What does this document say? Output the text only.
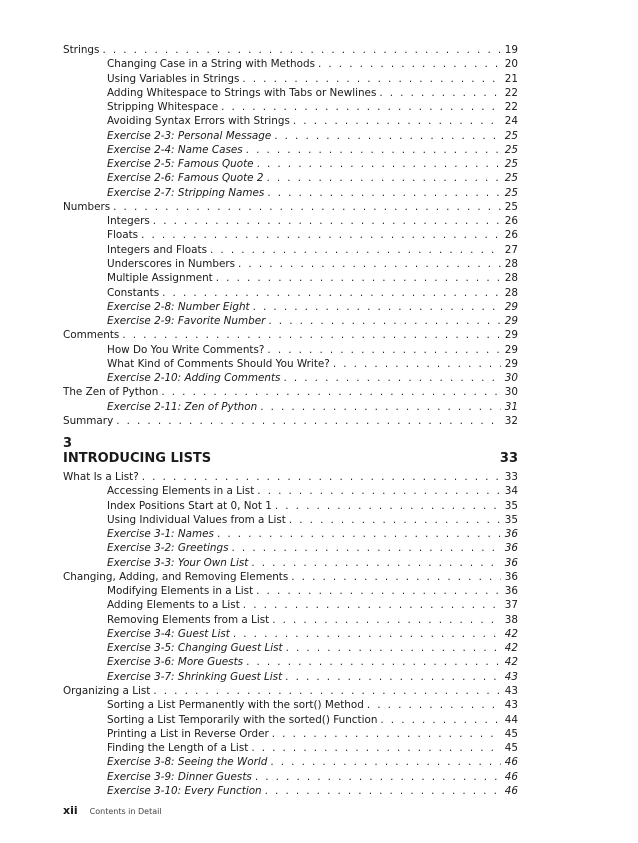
Strings . . .	19
Changing Case in a String with Methods . . .	20
Using Variables in Strings . . .	21
Adding Whitespace to Strings with Tabs or Newlines . . .	22
Stripping Whitespace . . .	22
Avoiding Syntax Errors with Strings . . .	24
Exercise 2-3: Personal Message . . .	25
Exercise 2-4: Name Cases . . .	25
Exercise 2-5: Famous Quote . . .	25
Exercise 2-6: Famous Quote 2 . . .	25
Exercise 2-7: Stripping Names . . .	25
Numbers . . .	25
Integers . . .	26
Floats . . .	26
Integers and Floats . . .	27
Underscores in Numbers . . .	28
Multiple Assignment . . .	28
Constants . . .	28
Exercise 2-8: Number Eight . . .	29
Exercise 2-9: Favorite Number . . .	29
Comments . . .	29
How Do You Write Comments? . . .	29
What Kind of Comments Should You Write? . . .	29
Exercise 2-10: Adding Comments . . .	30
The Zen of Python . . .	30
Exercise 2-11: Zen of Python . . .	31
Summary . . .	32
3
INTRODUCING LISTS	33
What Is a List? . . .	33
Accessing Elements in a List . . .	34
Index Positions Start at 0, Not 1 . . .	35
Using Individual Values from a List . . .	35
Exercise 3-1: Names . . .	36
Exercise 3-2: Greetings . . .	36
Exercise 3-3: Your Own List . . .	36
Changing, Adding, and Removing Elements . . .	36
Modifying Elements in a List . . .	36
Adding Elements to a List . . .	37
Removing Elements from a List . . .	38
Exercise 3-4: Guest List . . .	42
Exercise 3-5: Changing Guest List . . .	42
Exercise 3-6: More Guests . . .	42
Exercise 3-7: Shrinking Guest List . . .	43
Organizing a List . . .	43
Sorting a List Permanently with the sort() Method . . .	43
Sorting a List Temporarily with the sorted() Function . . .	44
Printing a List in Reverse Order . . .	45
Finding the Length of a List . . .	45
Exercise 3-8: Seeing the World . . .	46
Exercise 3-9: Dinner Guests . . .	46
Exercise 3-10: Every Function . . .	46
xii Contents in Detail
